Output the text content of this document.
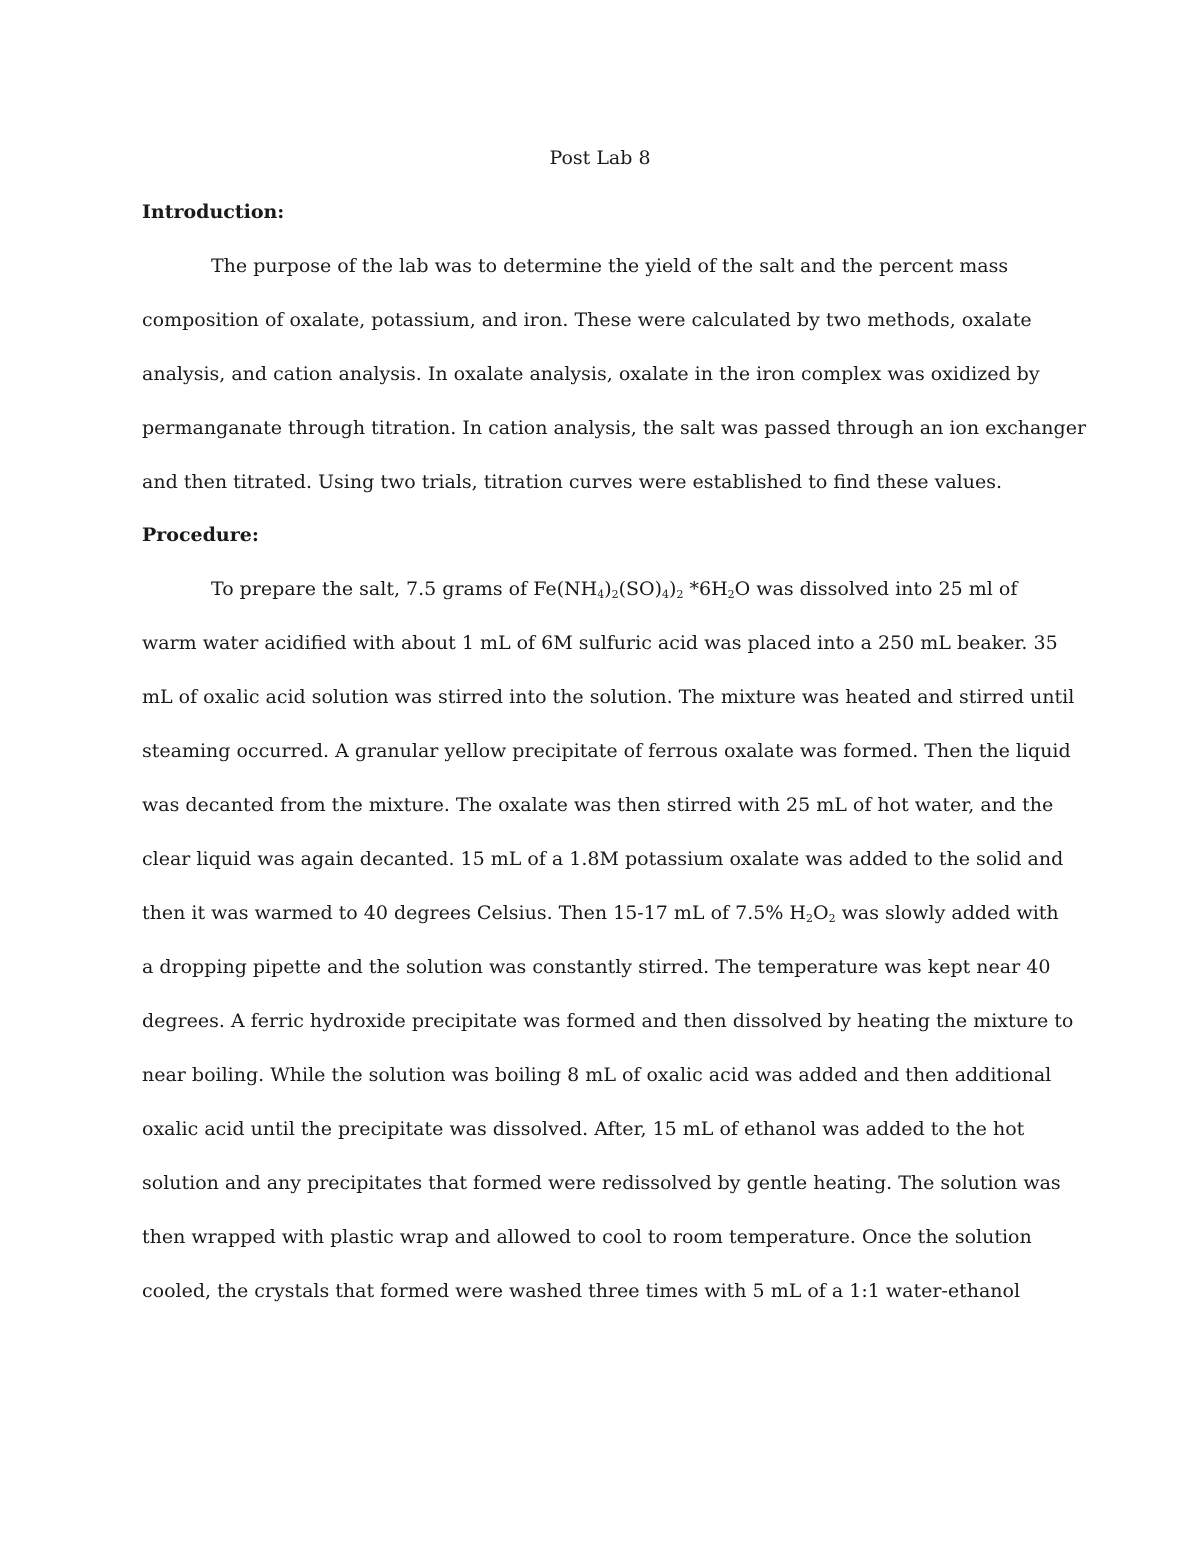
Post Lab 8
Introduction:
The purpose of the lab was to determine the yield of the salt and the percent mass
composition of oxalate, potassium, and iron. These were calculated by two methods, oxalate
analysis, and cation analysis. In oxalate analysis, oxalate in the iron complex was oxidized by
permanganate through titration. In cation analysis, the salt was passed through an ion exchanger
and then titrated. Using two trials, titration curves were established to find these values.
Procedure:
To prepare the salt, 7.5 grams of $Fe(NH_4)_2(SO)_4)_2$ $*6H_2O$ was dissolved into 25 ml of
warm water acidified with about 1 mL of 6M sulfuric acid was placed into a 250 mL beaker. 35
mL of oxalic acid solution was stirred into the solution. The mixture was heated and stirred until
steaming occurred. A granular yellow precipitate of ferrous oxalate was formed. Then the liquid
was decanted from the mixture. The oxalate was then stirred with 25 mL of hot water, and the
clear liquid was again decanted. 15 mL of a 1.8M potassium oxalate was added to the solid and
then it was warmed to 40 degrees Celsius. Then 15-17 mL of 7.5% $H_2O_2$ was slowly added with
a dropping pipette and the solution was constantly stirred. The temperature was kept near 40
degrees. A ferric hydroxide precipitate was formed and then dissolved by heating the mixture to
near boiling. While the solution was boiling 8 mL of oxalic acid was added and then additional
oxalic acid until the precipitate was dissolved. After, 15 mL of ethanol was added to the hot
solution and any precipitates that formed were redissolved by gentle heating. The solution was
then wrapped with plastic wrap and allowed to cool to room temperature. Once the solution
cooled, the crystals that formed were washed three times with 5 mL of a 1:1 water-ethanol
